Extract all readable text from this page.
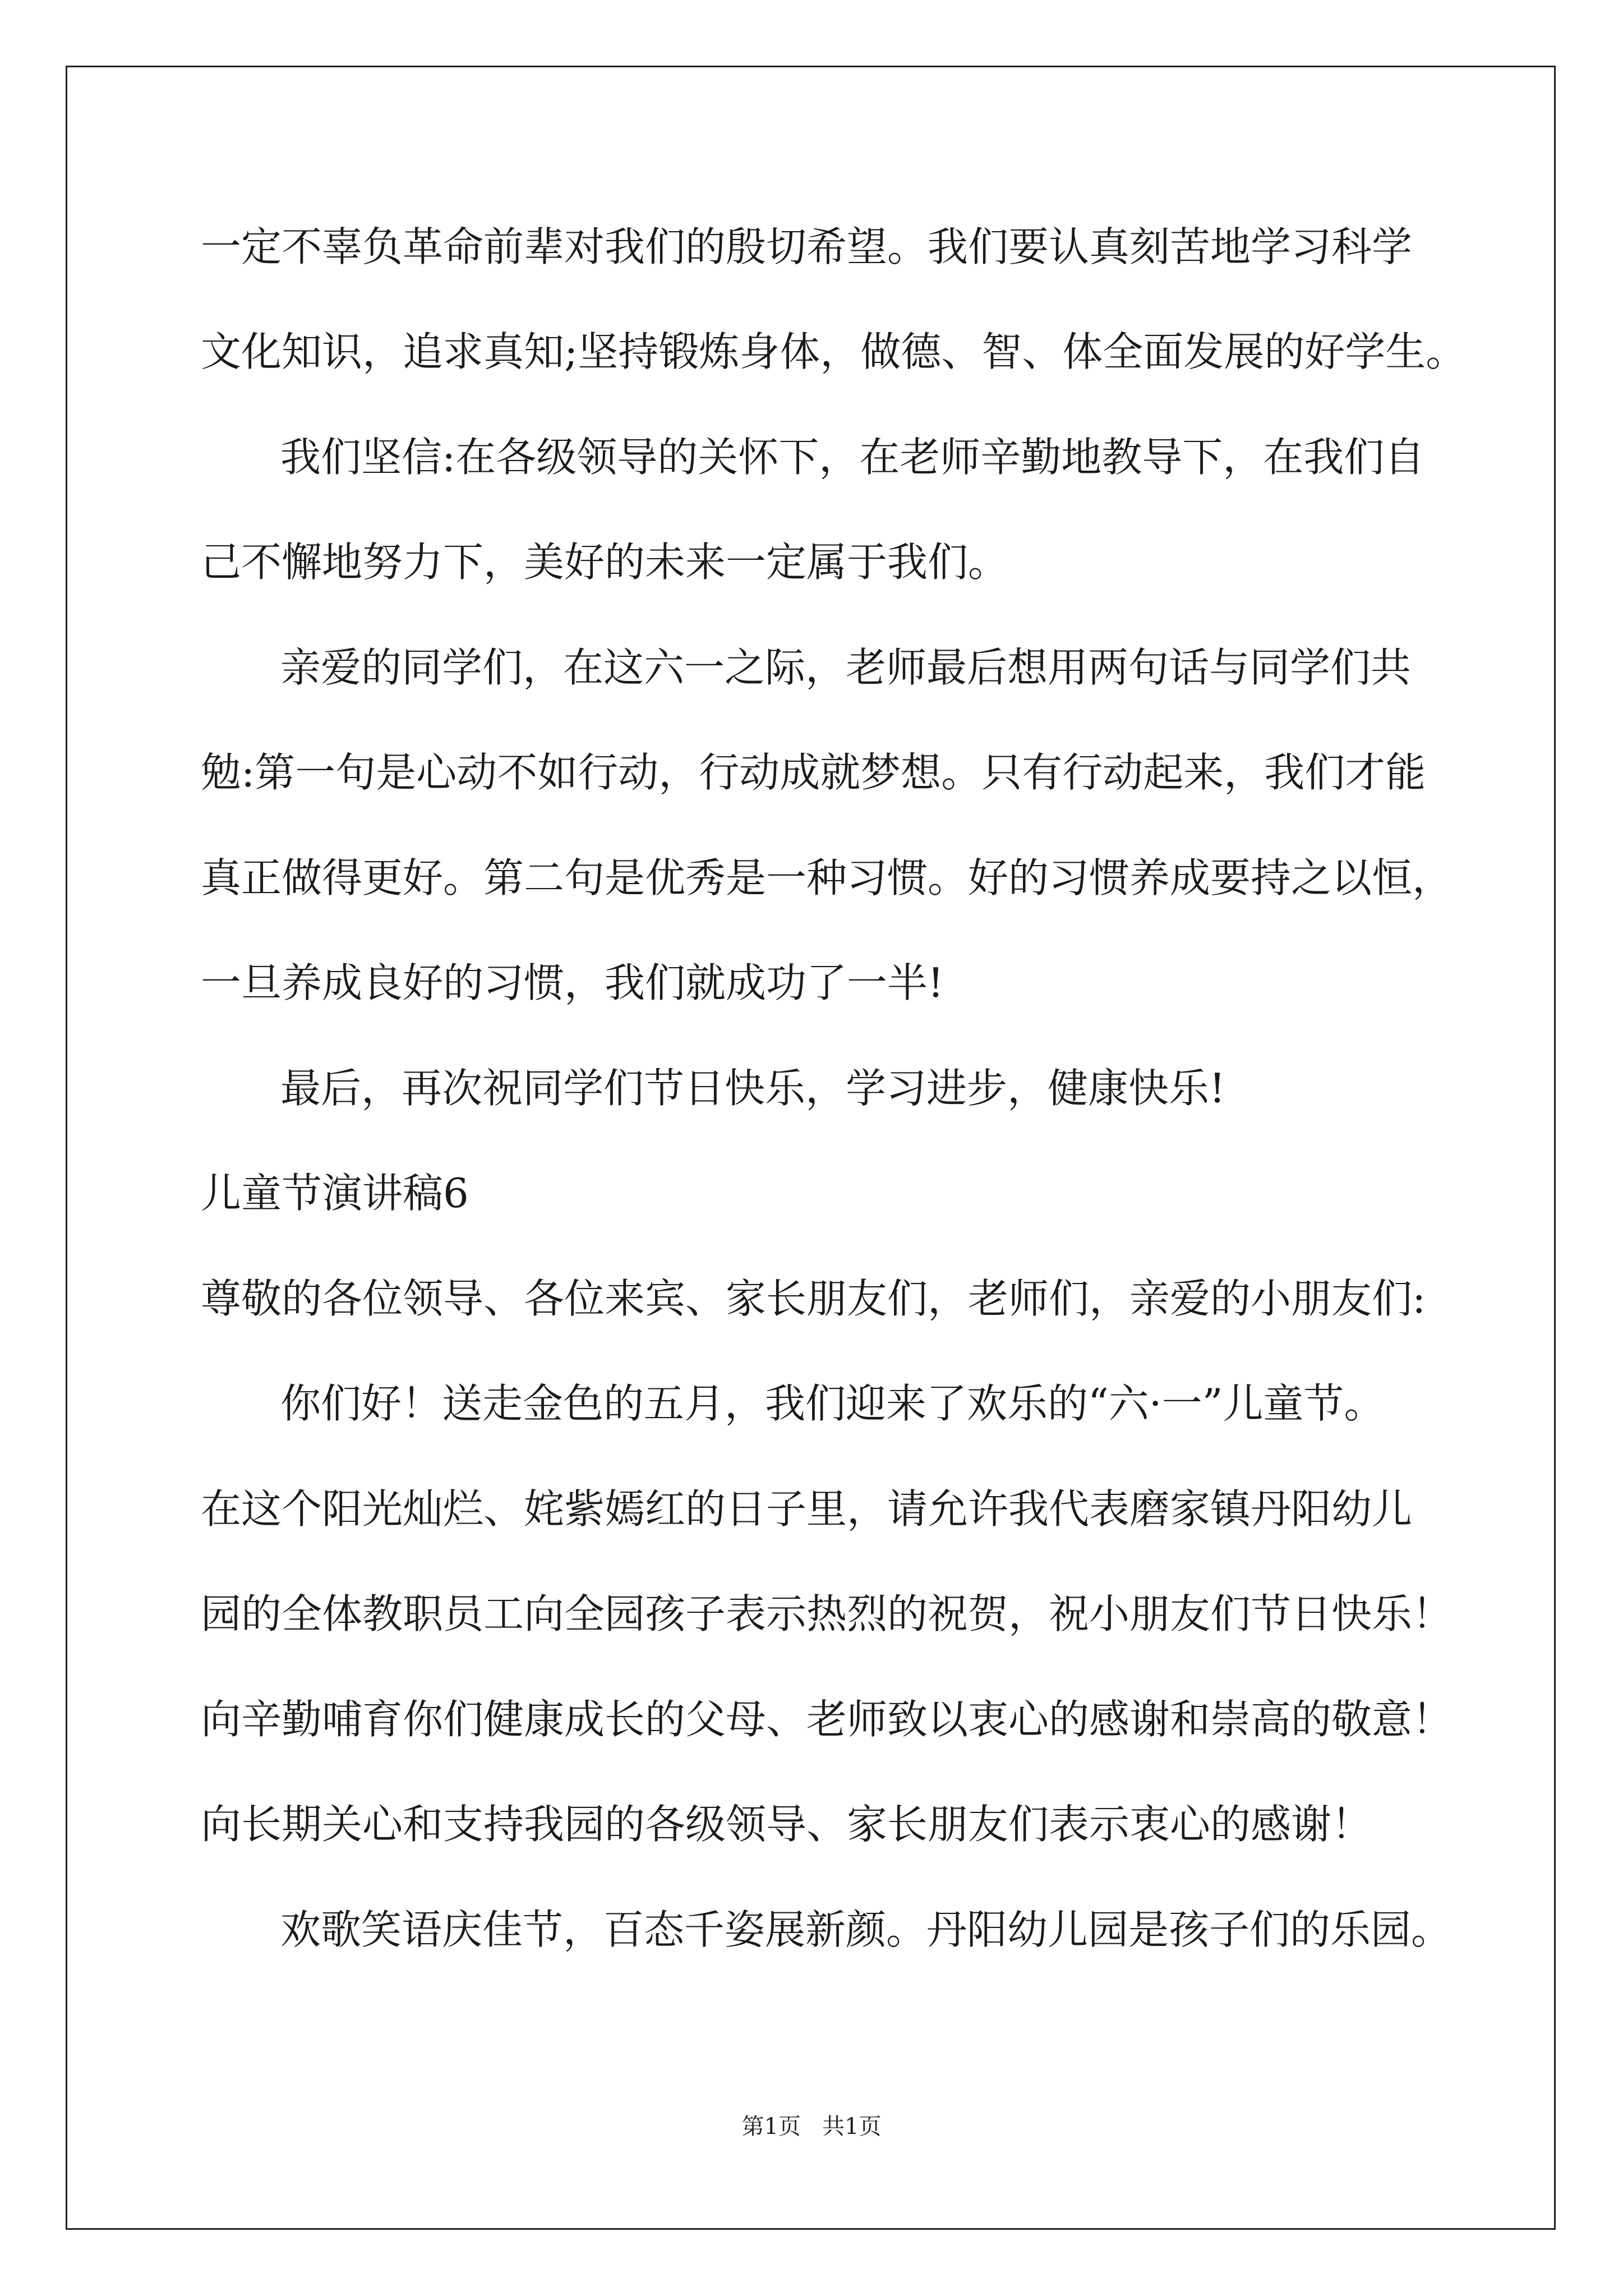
一定不辜负革命前辈对我们的殷切希望。我们要认真刻苦地学习科学
文化知识，追求真知;坚持锻炼身体，做德、智、体全面发展的好学生。
我们坚信:在各级领导的关怀下，在老师辛勤地教导下，在我们自
己不懈地努力下，美好的未来一定属于我们。
亲爱的同学们，在这六一之际，老师最后想用两句话与同学们共
勉:第一句是心动不如行动，行动成就梦想。只有行动起来，我们才能
真正做得更好。第二句是优秀是一种习惯。好的习惯养成要持之以恒，
一旦养成良好的习惯，我们就成功了一半!
最后，再次祝同学们节日快乐，学习进步，健康快乐!
儿童节演讲稿6
尊敬的各位领导、各位来宾、家长朋友们，老师们，亲爱的小朋友们:
你们好！送走金色的五月，我们迎来了欢乐的“六·一”儿童节。
在这个阳光灿烂、姹紫嫣红的日子里，请允许我代表磨家镇丹阳幼儿
园的全体教职员工向全园孩子表示热烈的祝贺，祝小朋友们节日快乐！
向辛勤哺育你们健康成长的父母、老师致以衷心的感谢和崇高的敬意！
向长期关心和支持我园的各级领导、家长朋友们表示衷心的感谢！
欢歌笑语庆佳节，百态千姿展新颜。丹阳幼儿园是孩子们的乐园。
第1页   共1页
